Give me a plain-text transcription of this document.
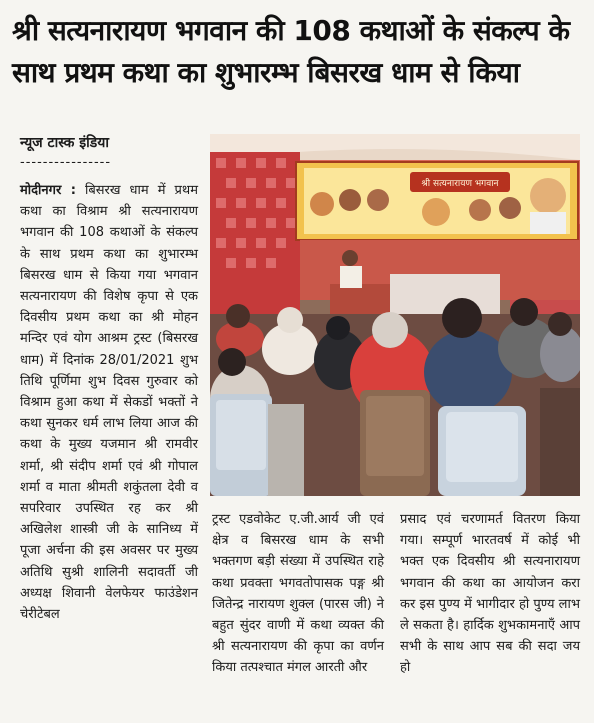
श्री सत्यनारायण भगवान की 108 कथाओं के संकल्प के साथ प्रथम कथा का शुभारम्भ बिसरख धाम से किया
न्यूज टास्क इंडिया
----------------
मोदीनगर : बिसरख धाम में प्रथम कथा का विश्राम श्री सत्यनारायण भगवान की 108 कथाओं के संकल्प के साथ प्रथम कथा का शुभारम्भ बिसरख धाम से किया गया भगवान सत्यनारायण की विशेष कृपा से एक दिवसीय प्रथम कथा का श्री मोहन मन्दिर एवं योग आश्रम ट्रस्ट (बिसरख धाम) में दिनांक 28/01/2021 शुभ तिथि पूर्णिमा शुभ दिवस गुरुवार को विश्राम हुआ कथा में सेकडों भक्तों ने कथा सुनकर धर्म लाभ लिया आज की कथा के मुख्य यजमान श्री रामवीर शर्मा, श्री संदीप शर्मा एवं श्री गोपाल शर्मा व माता श्रीमती शकुंतला देवी व सपरिवार उपस्थित रह कर श्री अखिलेश शास्त्री जी के सानिध्य में पूजा अर्चना की इस अवसर पर मुख्य अतिथि सुश्री शालिनी सदावर्ती जी अध्यक्ष शिवानी वेलफेयर फाउंडेशन चेरीटेबल
श्री सत्यनारायण भगवान
ट्रस्ट एडवोकेट ए.जी.आर्य जी एवं क्षेत्र व बिसरख धाम के सभी भक्तगण बड़ी संख्या में उपस्थित राहे कथा प्रवक्ता भगवतोपासक पङ्ग श्री जितेन्द्र नारायण शुक्ल (पारस जी) ने बहुत सुंदर वाणी में कथा व्यक्त की श्री सत्यनारायण की कृपा का वर्णन किया तत्पश्चात मंगल आरती और
प्रसाद एवं चरणामर्त वितरण किया गया। सम्पूर्ण भारतवर्ष में कोई भी भक्त एक दिवसीय श्री सत्यनारायण भगवान की कथा का आयोजन करा कर इस पुण्य में भागीदार हो पुण्य लाभ ले सकता है। हार्दिक शुभकामनाएँ आप सभी के साथ आप सब की सदा जय हो
